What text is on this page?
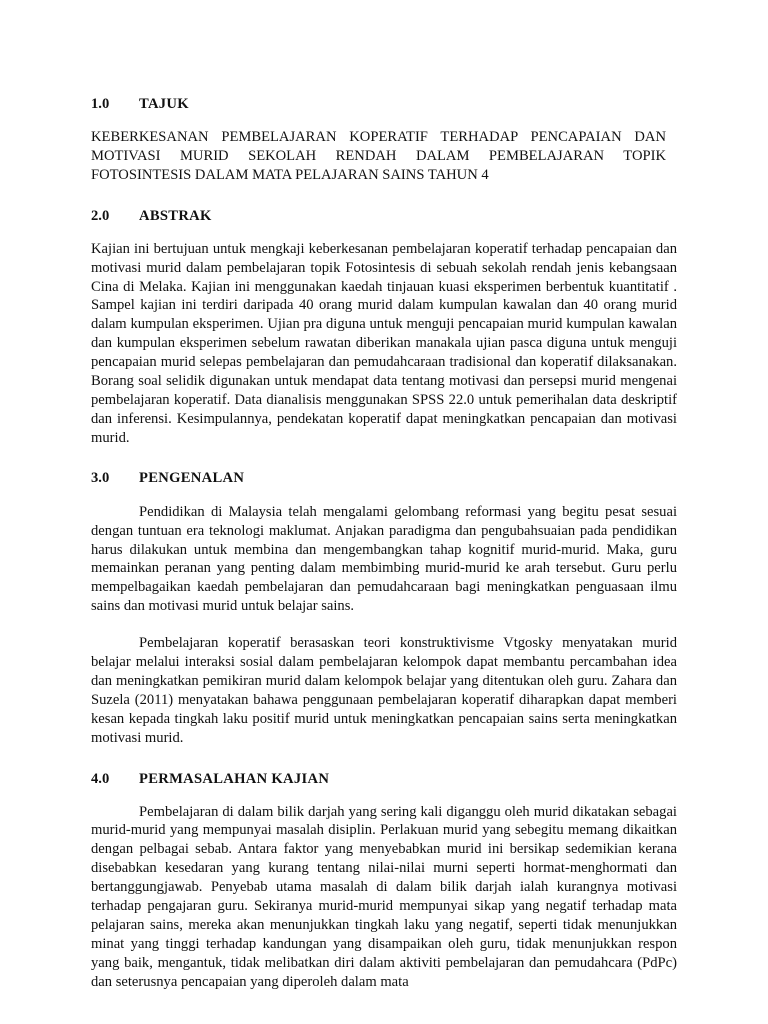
1.0	TAJUK

KEBERKESANAN PEMBELAJARAN KOPERATIF TERHADAP PENCAPAIAN DAN MOTIVASI MURID SEKOLAH RENDAH DALAM PEMBELAJARAN TOPIK FOTOSINTESIS DALAM MATA PELAJARAN SAINS TAHUN 4

2.0	ABSTRAK

Kajian ini bertujuan untuk mengkaji keberkesanan pembelajaran koperatif terhadap pencapaian dan motivasi murid dalam pembelajaran topik Fotosintesis di sebuah sekolah rendah jenis kebangsaan Cina di Melaka. Kajian ini menggunakan kaedah tinjauan kuasi eksperimen berbentuk kuantitatif . Sampel kajian ini terdiri daripada 40 orang murid dalam kumpulan kawalan dan 40 orang murid dalam kumpulan eksperimen. Ujian pra diguna untuk menguji pencapaian murid kumpulan kawalan dan kumpulan eksperimen sebelum rawatan diberikan manakala ujian pasca diguna untuk menguji pencapaian murid selepas pembelajaran dan pemudahcaraan tradisional dan koperatif dilaksanakan. Borang soal selidik digunakan untuk mendapat data tentang motivasi dan persepsi murid mengenai pembelajaran koperatif. Data dianalisis menggunakan SPSS 22.0 untuk pemerihalan data deskriptif dan inferensi. Kesimpulannya, pendekatan koperatif dapat meningkatkan pencapaian dan motivasi murid.

3.0	PENGENALAN

Pendidikan di Malaysia telah mengalami gelombang reformasi yang begitu pesat sesuai dengan tuntuan era teknologi maklumat. Anjakan paradigma dan pengubahsuaian pada pendidikan harus dilakukan untuk membina dan mengembangkan tahap kognitif murid-murid. Maka, guru memainkan peranan yang penting dalam membimbing murid-murid ke arah tersebut. Guru perlu mempelbagaikan kaedah pembelajaran dan pemudahcaraan bagi meningkatkan penguasaan ilmu sains dan motivasi murid untuk belajar sains.

Pembelajaran koperatif berasaskan teori konstruktivisme Vtgosky menyatakan murid belajar melalui interaksi sosial dalam pembelajaran kelompok dapat membantu percambahan idea dan meningkatkan pemikiran murid dalam kelompok belajar yang ditentukan oleh guru. Zahara dan Suzela (2011) menyatakan bahawa penggunaan pembelajaran koperatif diharapkan dapat memberi kesan kepada tingkah laku positif murid untuk meningkatkan pencapaian sains serta meningkatkan motivasi murid.

4.0	PERMASALAHAN KAJIAN

Pembelajaran di dalam bilik darjah yang sering kali diganggu oleh murid dikatakan sebagai murid-murid yang mempunyai masalah disiplin. Perlakuan murid yang sebegitu memang dikaitkan dengan pelbagai sebab. Antara faktor yang menyebabkan murid ini bersikap sedemikian kerana disebabkan kesedaran yang kurang tentang nilai-nilai murni seperti hormat-menghormati dan bertanggungjawab. Penyebab utama masalah di dalam bilik darjah ialah kurangnya motivasi terhadap pengajaran guru. Sekiranya murid-murid mempunyai sikap yang negatif terhadap mata pelajaran sains, mereka akan menunjukkan tingkah laku yang negatif, seperti tidak menunjukkan minat yang tinggi terhadap kandungan yang disampaikan oleh guru, tidak menunjukkan respon yang baik, mengantuk, tidak melibatkan diri dalam aktiviti pembelajaran dan pemudahcara (PdPc) dan seterusnya pencapaian yang diperoleh dalam mata
